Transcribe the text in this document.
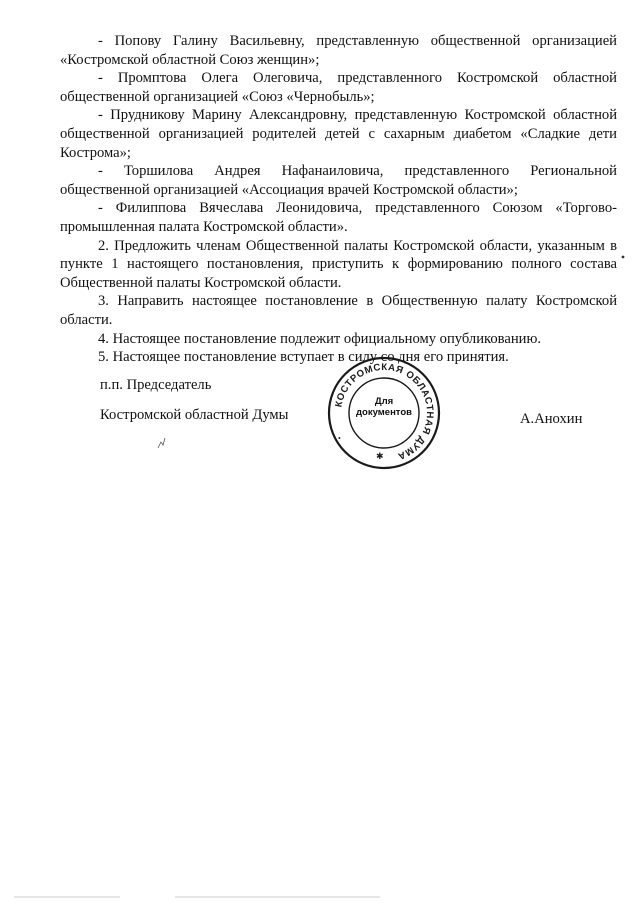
- Попову Галину Васильевну, представленную общественной организацией «Костромской областной Союз женщин»;

- Промптова Олега Олеговича, представленного Костромской областной общественной организацией «Союз «Чернобыль»;

- Прудникову Марину Александровну, представленную Костромской областной общественной организацией родителей детей с сахарным диабетом «Сладкие дети Кострома»;

- Торшилова Андрея Нафанаиловича, представленного Региональной общественной организацией «Ассоциация врачей Костромской области»;

- Филиппова Вячеслава Леонидовича, представленного Союзом «Торгово-промышленная палата Костромской области».

2. Предложить членам Общественной палаты Костромской области, указанным в пункте 1 настоящего постановления, приступить к формированию полного состава Общественной палаты Костромской области.

3. Направить настоящее постановление в Общественную палату Костромской области.

4. Настоящее постановление подлежит официальному опубликованию.

5. Настоящее постановление вступает в силу со дня его принятия.

п.п. Председатель
Костромской областной Думы	А.Анохин
КОСТРОМСКАЯ ОБЛАСТНАЯ ДУМА
✱
•
Для
документов
